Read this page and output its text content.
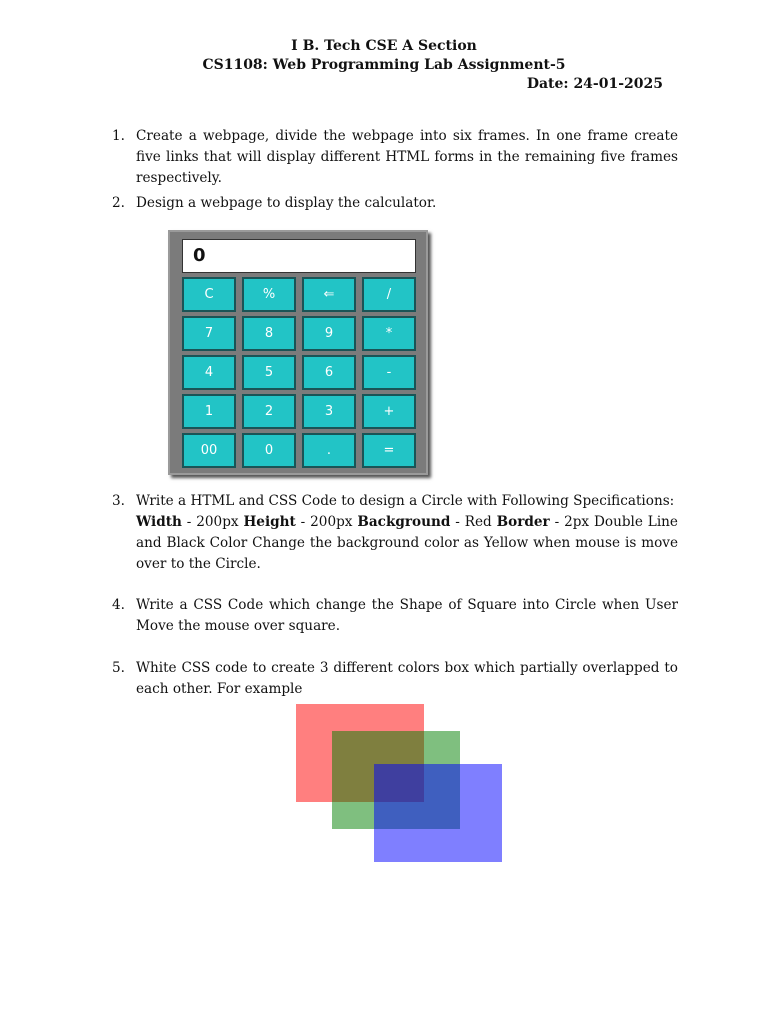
I B. Tech CSE A Section
CS1108: Web Programming Lab Assignment-5
Date: 24-01-2025
1. Create a webpage, divide the webpage into six frames. In one frame create five links that will display different HTML forms in the remaining five frames respectively.
2. Design a webpage to display the calculator.
0
C	%	⇐	/
7	8	9	*
4	5	6	-
1	2	3	+
00	0	.	=
3. Write a HTML and CSS Code to design a Circle with Following Specifications:
Width - 200px Height - 200px Background - Red Border - 2px Double Line and Black Color Change the background color as Yellow when mouse is move over to the Circle.
4. Write a CSS Code which change the Shape of Square into Circle when User Move the mouse over square.
5. White CSS code to create 3 different colors box which partially overlapped to each other. For example
